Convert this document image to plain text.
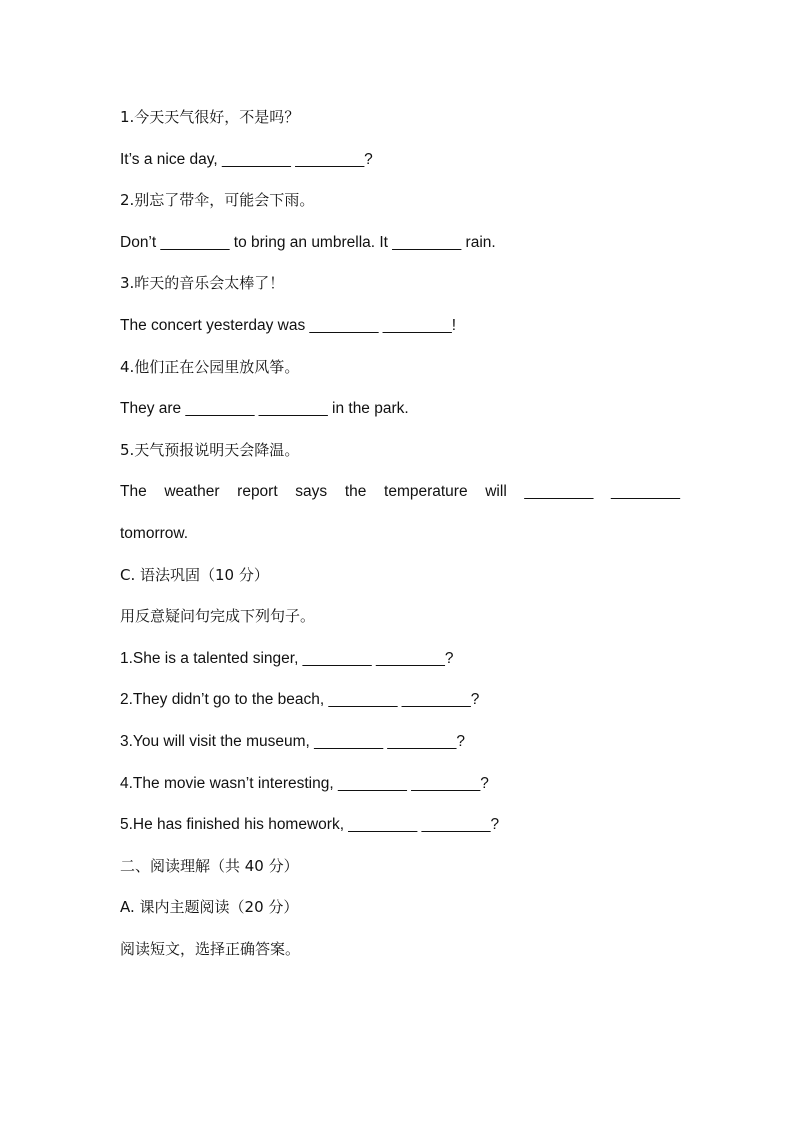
1.今天天气很好，不是吗？
It’s a nice day, ________ ________?
2.别忘了带伞，可能会下雨。
Don’t ________ to bring an umbrella. It ________ rain.
3.昨天的音乐会太棒了！
The concert yesterday was ________ ________!
4.他们正在公园里放风筝。
They are ________ ________ in the park.
5.天气预报说明天会降温。
The weather report says the temperature will ________ ________
tomorrow.
C. 语法巩固（10 分）
用反意疑问句完成下列句子。
1.She is a talented singer, ________ ________?
2.They didn’t go to the beach, ________ ________?
3.You will visit the museum, ________ ________?
4.The movie wasn’t interesting, ________ ________?
5.He has finished his homework, ________ ________?
二、阅读理解（共 40 分）
A. 课内主题阅读（20 分）
阅读短文，选择正确答案。
